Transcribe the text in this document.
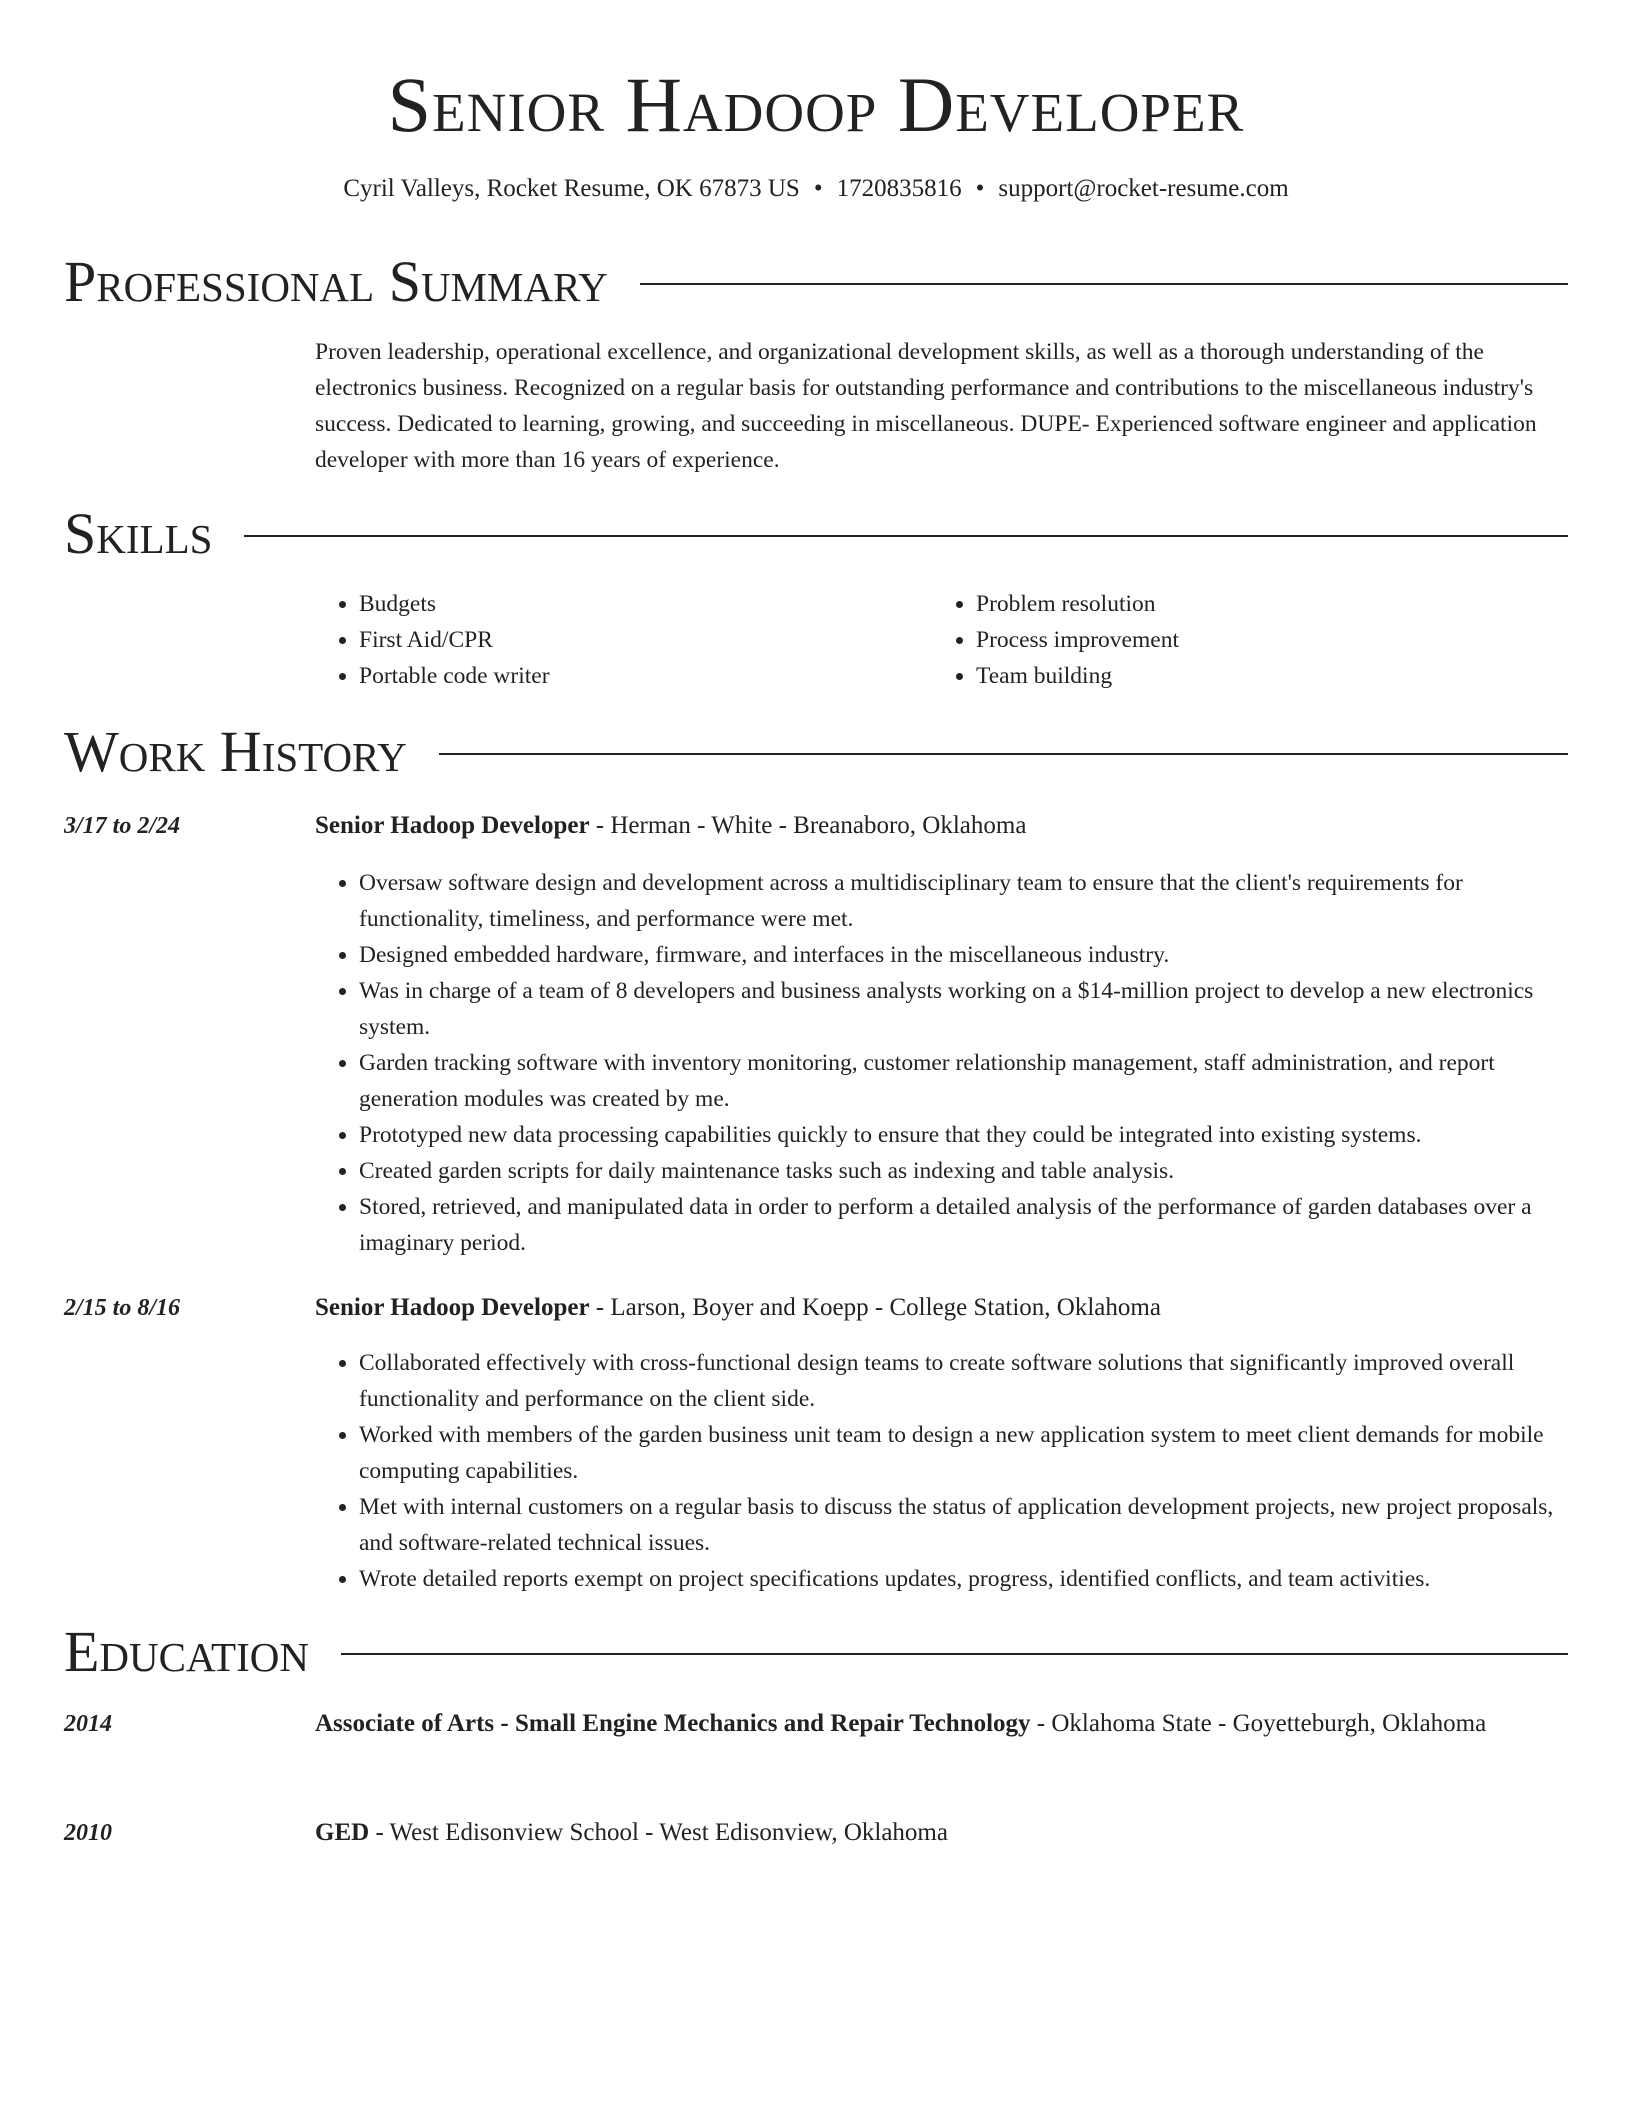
Senior Hadoop Developer
Cyril Valleys, Rocket Resume, OK 67873 US • 1720835816 • support@rocket-resume.com
Professional Summary
Proven leadership, operational excellence, and organizational development skills, as well as a thorough understanding of the electronics business. Recognized on a regular basis for outstanding performance and contributions to the miscellaneous industry's success. Dedicated to learning, growing, and succeeding in miscellaneous. DUPE- Experienced software engineer and application developer with more than 16 years of experience.
Skills
• Budgets
• First Aid/CPR
• Portable code writer
• Problem resolution
• Process improvement
• Team building
Work History
3/17 to 2/24	Senior Hadoop Developer - Herman - White - Breanaboro, Oklahoma
• Oversaw software design and development across a multidisciplinary team to ensure that the client's requirements for functionality, timeliness, and performance were met.
• Designed embedded hardware, firmware, and interfaces in the miscellaneous industry.
• Was in charge of a team of 8 developers and business analysts working on a $14-million project to develop a new electronics system.
• Garden tracking software with inventory monitoring, customer relationship management, staff administration, and report generation modules was created by me.
• Prototyped new data processing capabilities quickly to ensure that they could be integrated into existing systems.
• Created garden scripts for daily maintenance tasks such as indexing and table analysis.
• Stored, retrieved, and manipulated data in order to perform a detailed analysis of the performance of garden databases over a imaginary period.
2/15 to 8/16	Senior Hadoop Developer - Larson, Boyer and Koepp - College Station, Oklahoma
• Collaborated effectively with cross-functional design teams to create software solutions that significantly improved overall functionality and performance on the client side.
• Worked with members of the garden business unit team to design a new application system to meet client demands for mobile computing capabilities.
• Met with internal customers on a regular basis to discuss the status of application development projects, new project proposals, and software-related technical issues.
• Wrote detailed reports exempt on project specifications updates, progress, identified conflicts, and team activities.
Education
2014	Associate of Arts - Small Engine Mechanics and Repair Technology - Oklahoma State - Goyetteburgh, Oklahoma
2010	GED - West Edisonview School - West Edisonview, Oklahoma
